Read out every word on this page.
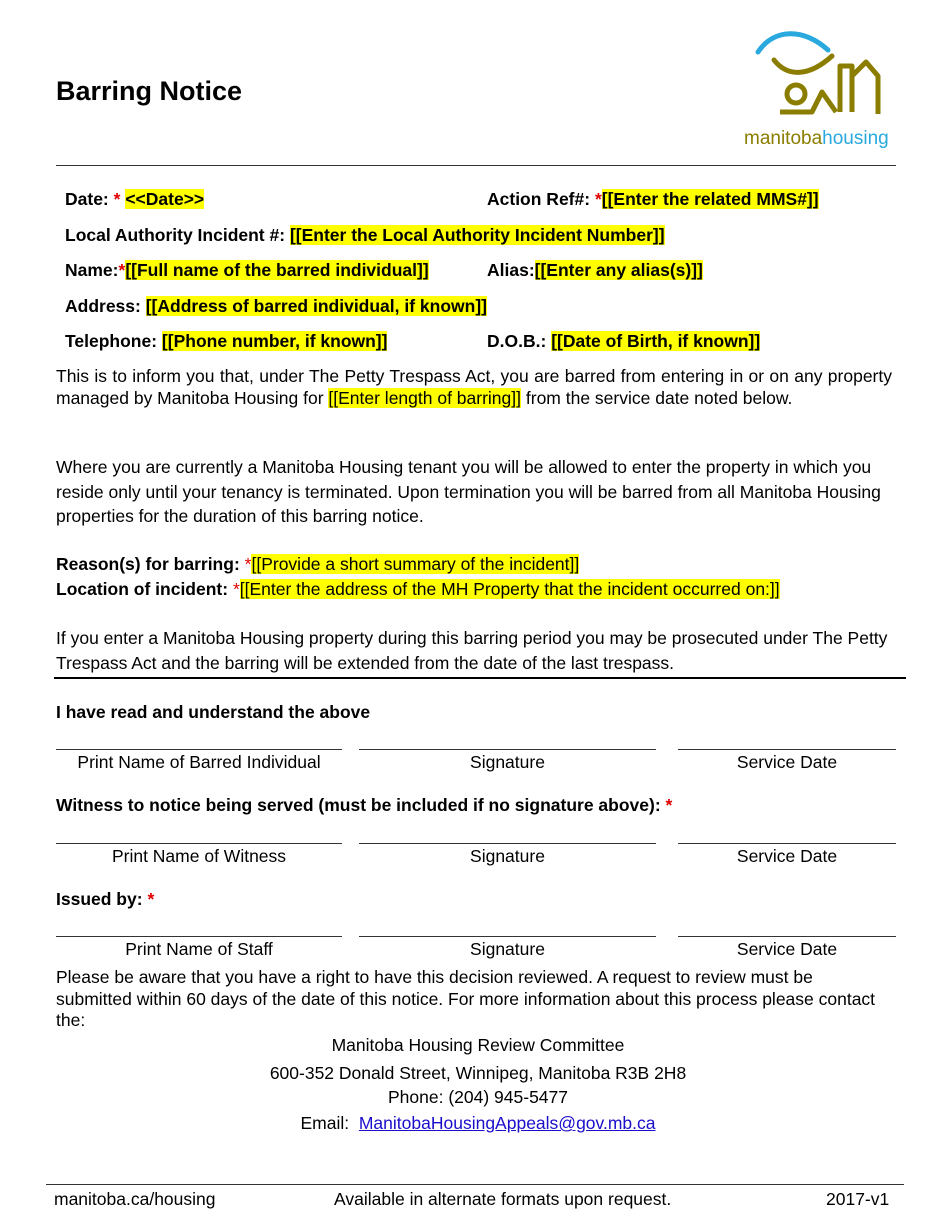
Barring Notice
manitobahousing
Date: * <<Date>>	Action Ref#: *[[Enter the related MMS#]]
Local Authority Incident #: [[Enter the Local Authority Incident Number]]
Name:*[[Full name of the barred individual]]	Alias:[[Enter any alias(s)]]
Address: [[Address of barred individual, if known]]
Telephone: [[Phone number, if known]]	D.O.B.: [[Date of Birth, if known]]
This is to inform you that, under The Petty Trespass Act, you are barred from entering in or on any property managed by Manitoba Housing for [[Enter length of barring]] from the service date noted below.
Where you are currently a Manitoba Housing tenant you will be allowed to enter the property in which you reside only until your tenancy is terminated. Upon termination you will be barred from all Manitoba Housing properties for the duration of this barring notice.
Reason(s) for barring: *[[Provide a short summary of the incident]]
Location of incident: *[[Enter the address of the MH Property that the incident occurred on:]]
If you enter a Manitoba Housing property during this barring period you may be prosecuted under The Petty Trespass Act and the barring will be extended from the date of the last trespass.
I have read and understand the above
Print Name of Barred Individual	Signature	Service Date
Witness to notice being served (must be included if no signature above): *
Print Name of Witness	Signature	Service Date
Issued by: *
Print Name of Staff	Signature	Service Date
Please be aware that you have a right to have this decision reviewed. A request to review must be submitted within 60 days of the date of this notice. For more information about this process please contact the:
Manitoba Housing Review Committee
600-352 Donald Street, Winnipeg, Manitoba R3B 2H8
Phone: (204) 945-5477
Email: ManitobaHousingAppeals@gov.mb.ca
manitoba.ca/housing	Available in alternate formats upon request.	2017-v1
